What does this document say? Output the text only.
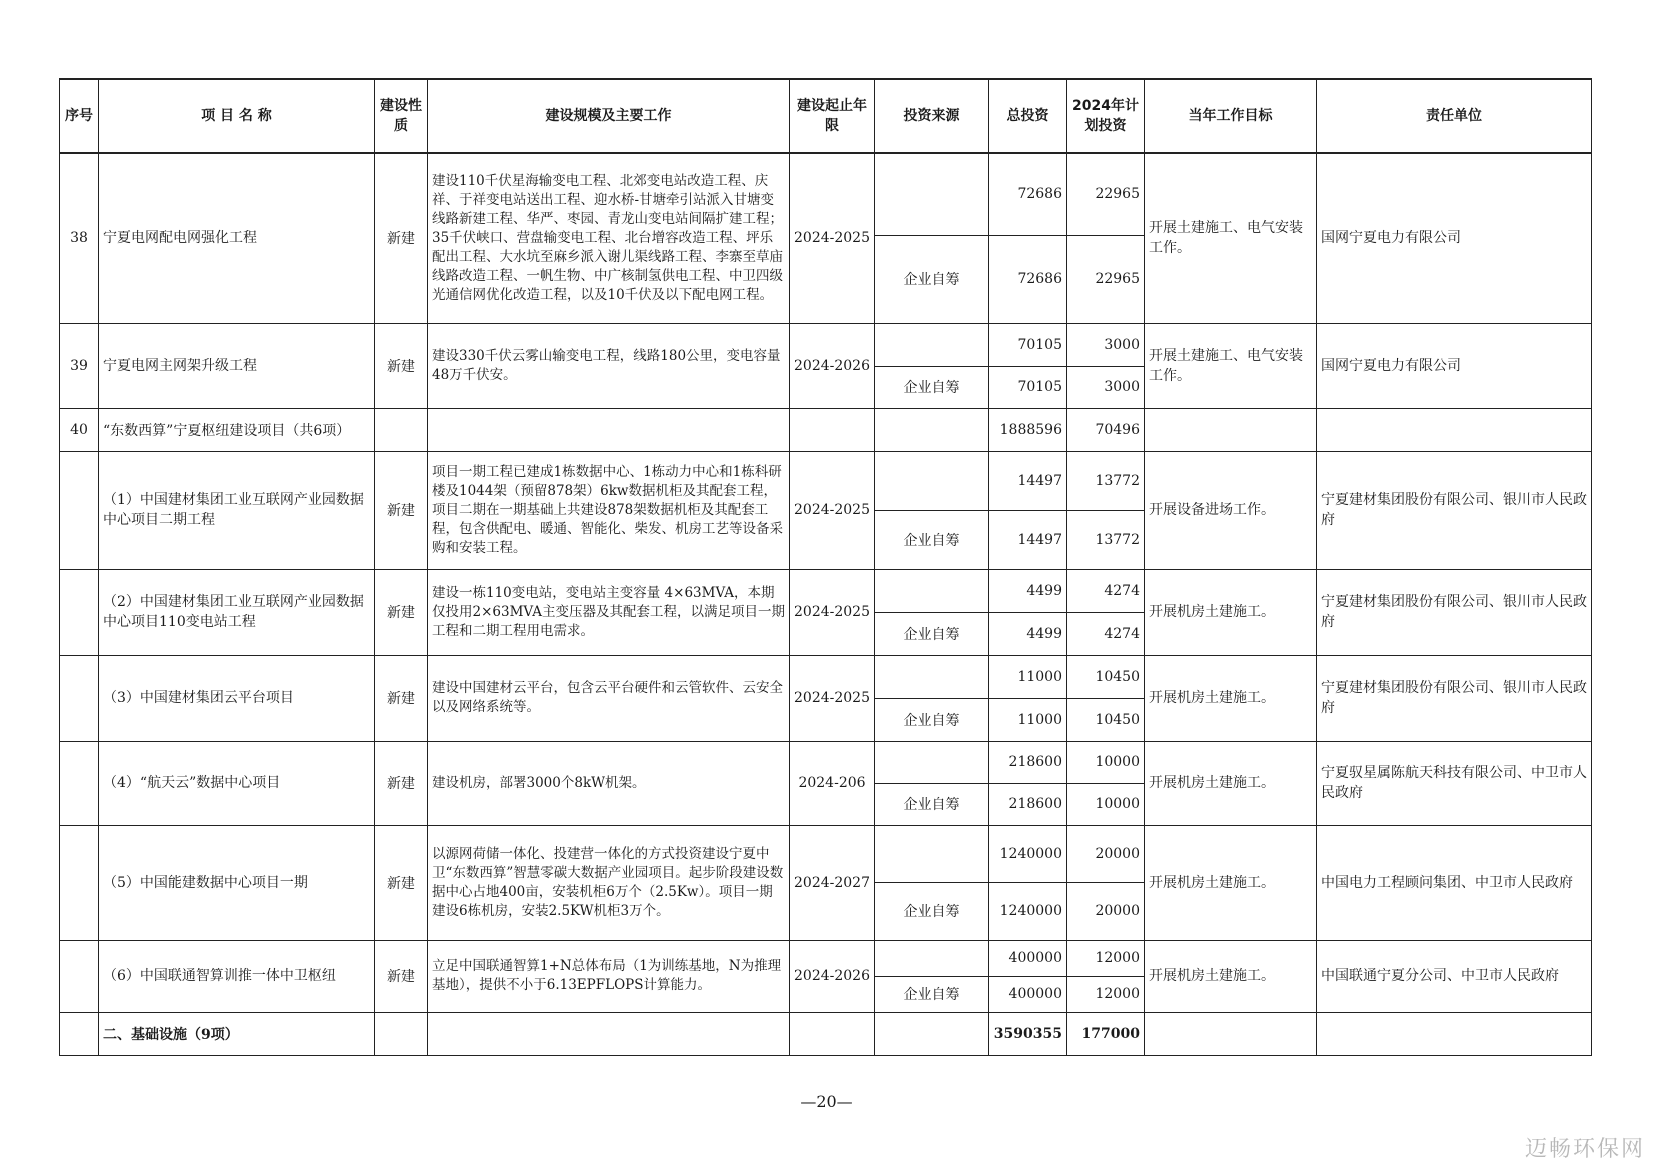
序号	项 目 名 称	建设性质	建设规模及主要工作	建设起止年限	投资来源	总投资	2024年计划投资	当年工作目标	责任单位
38	宁夏电网配电网强化工程	新建	建设110千伏星海输变电工程、北郊变电站改造工程、庆祥、于祥变电站送出工程、迎水桥-甘塘牵引站派入甘塘变线路新建工程、华严、枣园、青龙山变电站间隔扩建工程；35千伏峡口、营盘输变电工程、北台增容改造工程、坪乐配出工程、大水坑至麻乡派入谢儿渠线路工程、李寨至草庙线路改造工程、一帆生物、中广核制氢供电工程、中卫四级光通信网优化改造工程，以及10千伏及以下配电网工程。	2024-2025		72686	22965	开展土建施工、电气安装工作。	国网宁夏电力有限公司
					企业自筹	72686	22965		
39	宁夏电网主网架升级工程	新建	建设330千伏云雾山输变电工程，线路180公里，变电容量48万千伏安。	2024-2026		70105	3000	开展土建施工、电气安装工作。	国网宁夏电力有限公司
					企业自筹	70105	3000		
40	“东数西算”宁夏枢纽建设项目（共6项）					1888596	70496		
	（1）中国建材集团工业互联网产业园数据中心项目二期工程	新建	项目一期工程已建成1栋数据中心、1栋动力中心和1栋科研楼及1044架（预留878架）6kw数据机柜及其配套工程，项目二期在一期基础上共建设878架数据机柜及其配套工程，包含供配电、暖通、智能化、柴发、机房工艺等设备采购和安装工程。	2024-2025		14497	13772	开展设备进场工作。	宁夏建材集团股份有限公司、银川市人民政府
					企业自筹	14497	13772		
	（2）中国建材集团工业互联网产业园数据中心项目110变电站工程	新建	建设一栋110变电站，变电站主变容量 4×63MVA，本期仅投用2×63MVA主变压器及其配套工程，以满足项目一期工程和二期工程用电需求。	2024-2025		4499	4274	开展机房土建施工。	宁夏建材集团股份有限公司、银川市人民政府
					企业自筹	4499	4274		
	（3）中国建材集团云平台项目	新建	建设中国建材云平台，包含云平台硬件和云管软件、云安全以及网络系统等。	2024-2025		11000	10450	开展机房土建施工。	宁夏建材集团股份有限公司、银川市人民政府
					企业自筹	11000	10450		
	（4）“航天云”数据中心项目	新建	建设机房，部署3000个8kW机架。	2024-206		218600	10000	开展机房土建施工。	宁夏驭星属陈航天科技有限公司、中卫市人民政府
					企业自筹	218600	10000		
	（5）中国能建数据中心项目一期	新建	以源网荷储一体化、投建营一体化的方式投资建设宁夏中卫“东数西算”智慧零碳大数据产业园项目。起步阶段建设数据中心占地400亩，安装机柜6万个（2.5Kw）。项目一期建设6栋机房，安装2.5KW机柜3万个。	2024-2027		1240000	20000	开展机房土建施工。	中国电力工程顾问集团、中卫市人民政府
					企业自筹	1240000	20000		
	（6）中国联通智算训推一体中卫枢纽	新建	立足中国联通智算1+N总体布局（1为训练基地，N为推理基地），提供不小于6.13EPFLOPS计算能力。	2024-2026		400000	12000	开展机房土建施工。	中国联通宁夏分公司、中卫市人民政府
					企业自筹	400000	12000		
	二、基础设施（9项）					3590355	177000		
—20—
迈畅环保网
